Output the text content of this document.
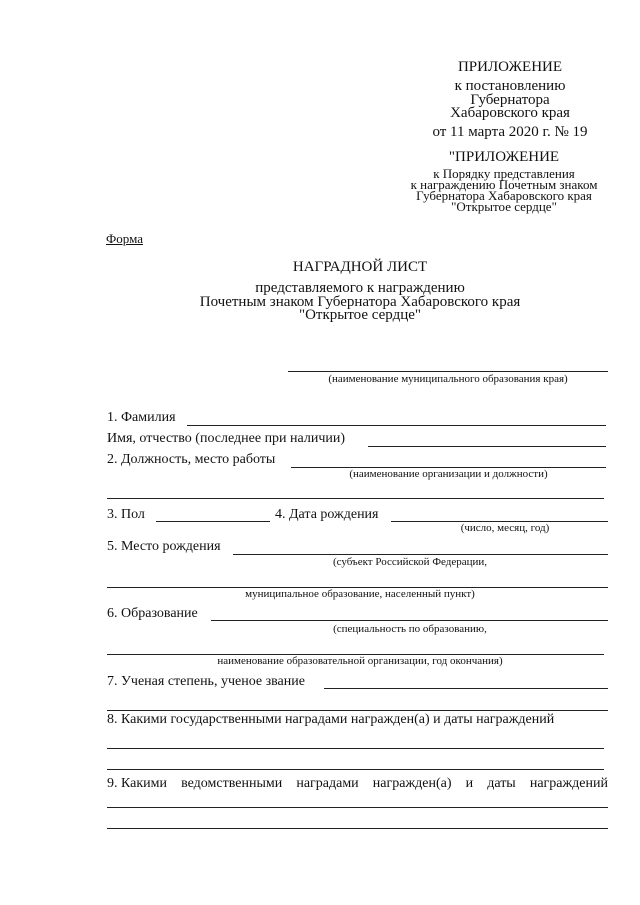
ПРИЛОЖЕНИЕ
к постановлению
Губернатора
Хабаровского края
от 11 марта 2020 г. № 19
"ПРИЛОЖЕНИЕ
к Порядку представления
к награждению Почетным знаком
Губернатора Хабаровского края
"Открытое сердце"
Форма
НАГРАДНОЙ ЛИСТ
представляемого к награждению
Почетным знаком Губернатора Хабаровского края
"Открытое сердце"
(наименование муниципального образования края)
1. Фамилия
Имя, отчество (последнее при наличии)
2. Должность, место работы
(наименование организации и должности)
3. Пол	4. Дата рождения
(число, месяц, год)
5. Место рождения
(субъект Российской Федерации,
муниципальное образование, населенный пункт)
6. Образование
(специальность по образованию,
наименование образовательной организации, год окончания)
7. Ученая степень, ученое звание
8. Какими государственными наградами награжден(а) и даты награждений
9. Какими ведомственными наградами награжден(а) и даты награждений
